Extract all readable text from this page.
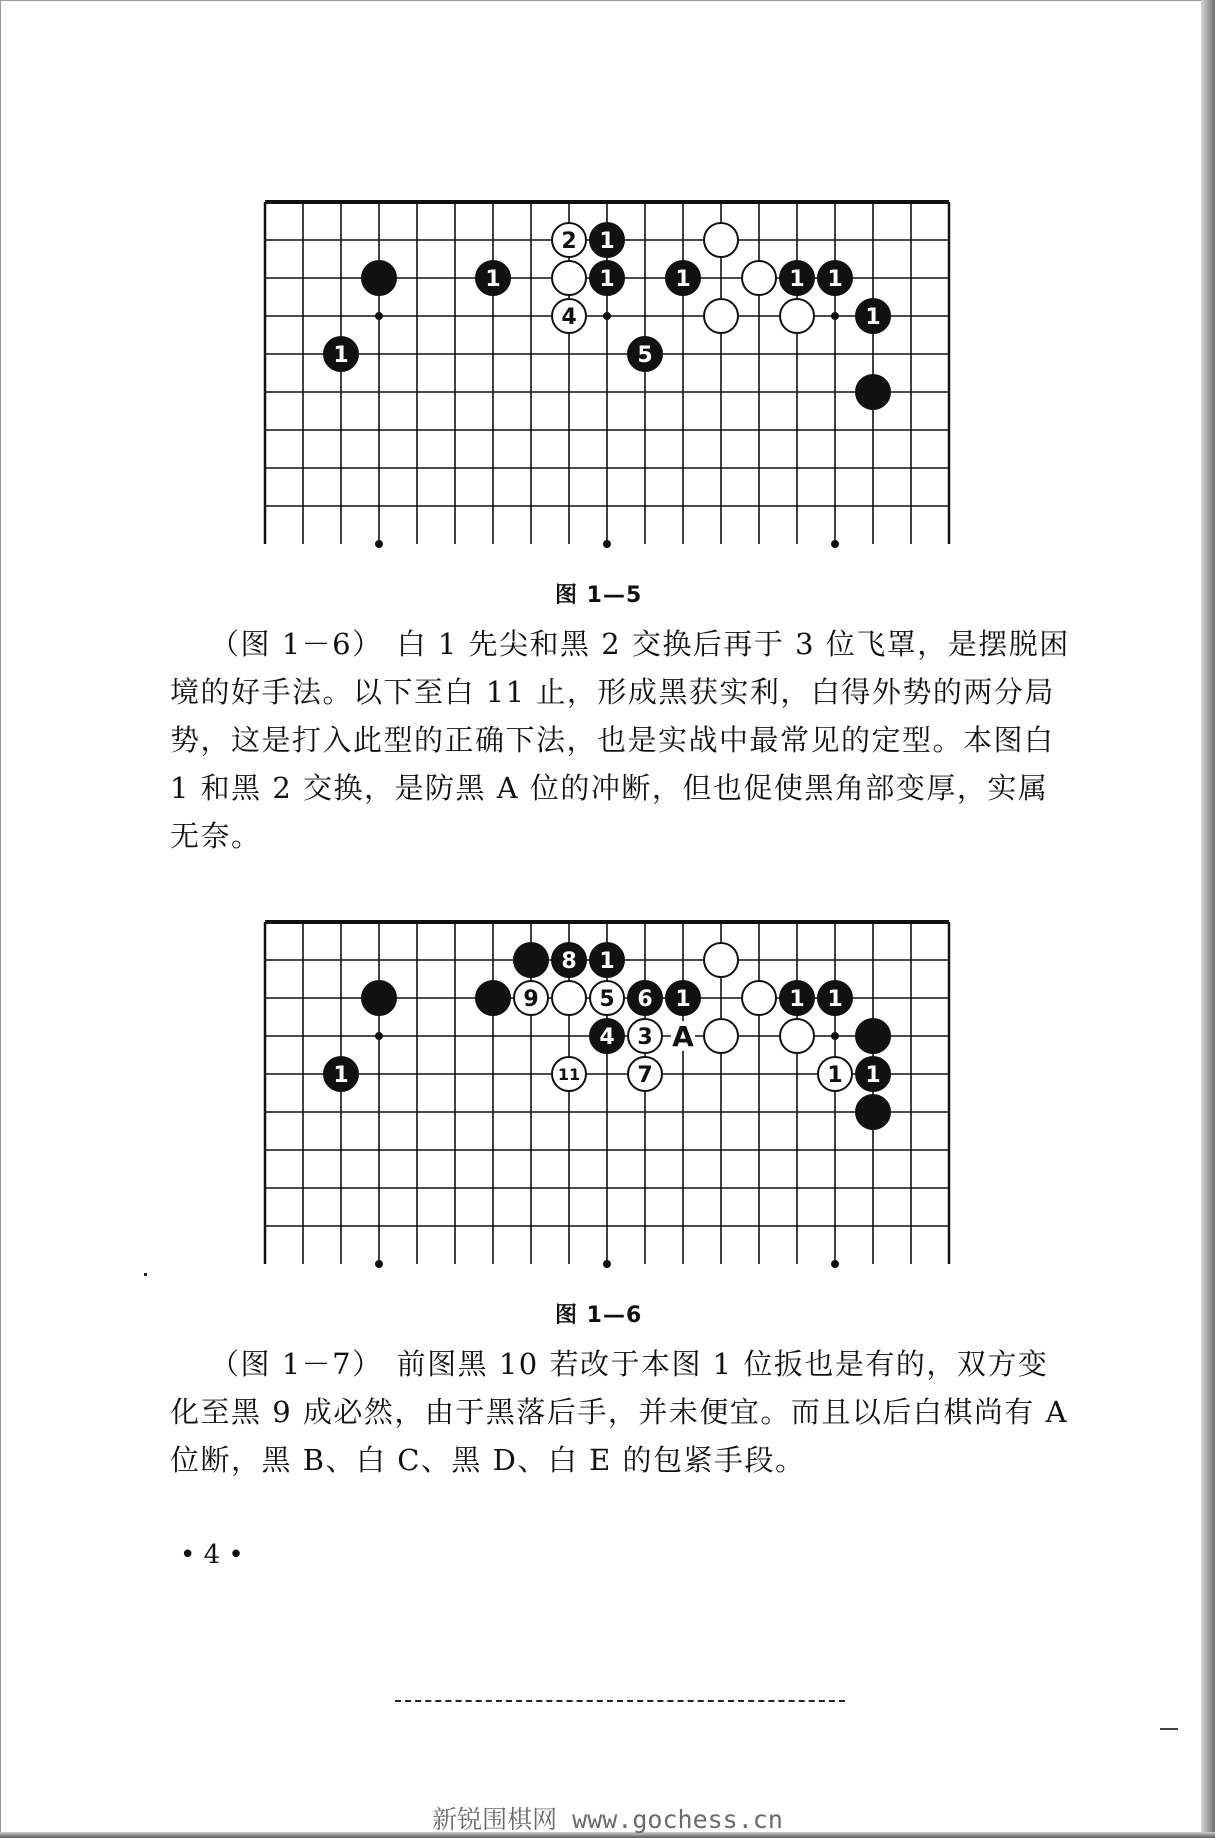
2 1
1	1	1	1 1
4	1
1	5
图 1—5
（图 1－6） 白 1 先尖和黑 2 交换后再于 3 位飞罩，是摆脱困境的好手法。以下至白 11 止，形成黑获实利，白得外势的两分局势，这是打入此型的正确下法，也是实战中最常见的定型。本图白 1 和黑 2 交换，是防黑 A 位的冲断，但也促使黑角部变厚，实属无奈。
8 1
9	5 6 1	1 1
4 3
1	11	7	1 1
A
图 1—6
（图 1－7） 前图黑 10 若改于本图 1 位扳也是有的，双方变化至黑 9 成必然，由于黑落后手，并未便宜。而且以后白棋尚有 A 位断，黑 B、白 C、黑 D、白 E 的包紧手段。
• 4 •
新锐围棋网 www.gochess.cn
